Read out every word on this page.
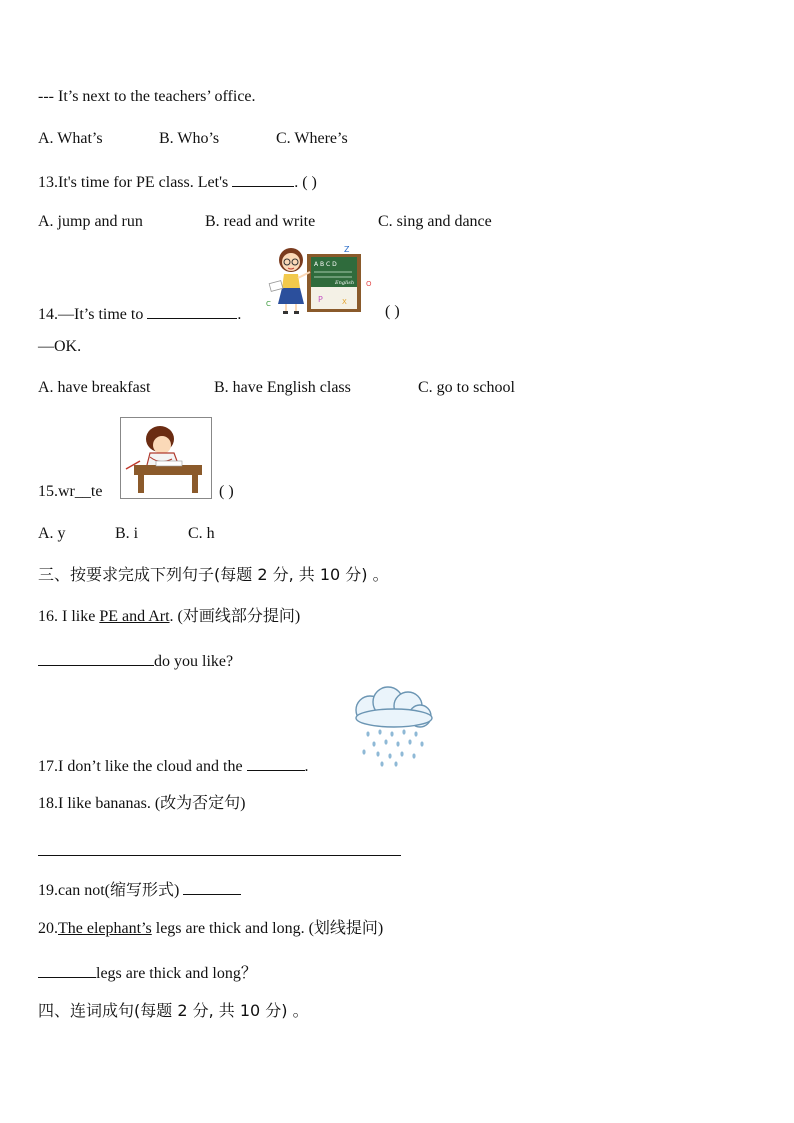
--- It’s next to the teachers’ office.
A. What’s	B. Who’s	C. Where’s
13.It's time for PE class. Let's	. ( )
A. jump and run	B. read and write	C. sing and dance
14.—It’s time to	.
A B C D
English
Z
O
C	P	X
( )
—OK.
A. have breakfast	B. have English class	C. go to school
15.wr__te	( )
A. y	B. i	C. h
三、按要求完成下列句子(每题 2 分, 共 10 分) 。
16. I like PE and Art. (对画线部分提问)
do you like?
17.I don’t like the cloud and the	.
18.I like bananas. (改为否定句)
19.can not(缩写形式)
20.The elephant’s legs are thick and long. (划线提问)
legs are thick and long？
四、连词成句(每题 2 分, 共 10 分) 。
